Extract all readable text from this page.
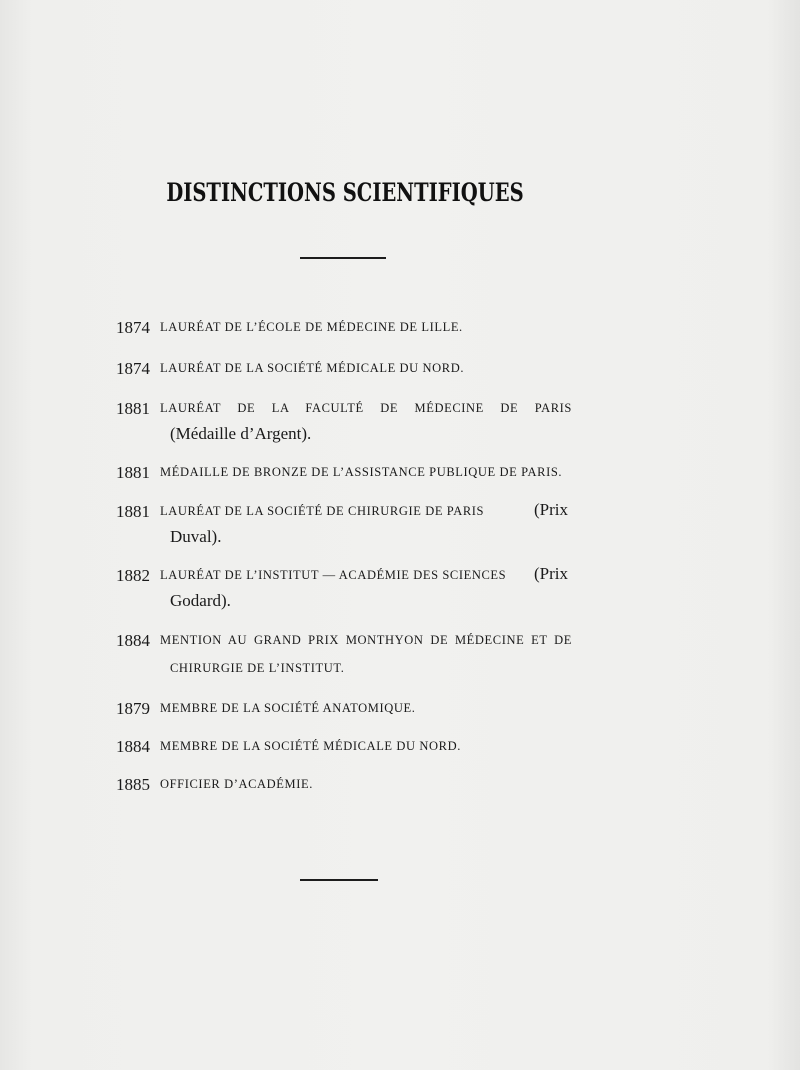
DISTINCTIONS SCIENTIFIQUES
1874 LAURÉAT DE L’ÉCOLE DE MÉDECINE DE LILLE.
1874 LAURÉAT DE LA SOCIÉTÉ MÉDICALE DU NORD.
1881 LAURÉAT DE LA FACULTÉ DE MÉDECINE DE PARIS
(Médaille d’Argent).
1881 MÉDAILLE DE BRONZE DE L’ASSISTANCE PUBLIQUE DE PARIS.
1881 LAURÉAT DE LA SOCIÉTÉ DE CHIRURGIE DE PARIS	(Prix
Duval).
1882 LAURÉAT DE L’INSTITUT — ACADÉMIE DES SCIENCES	(Prix
Godard).
1884 MENTION AU GRAND PRIX MONTHYON DE MÉDECINE ET DE
CHIRURGIE DE L’INSTITUT.
1879 MEMBRE DE LA SOCIÉTÉ ANATOMIQUE.
1884 MEMBRE DE LA SOCIÉTÉ MÉDICALE DU NORD.
1885 OFFICIER D’ACADÉMIE.
